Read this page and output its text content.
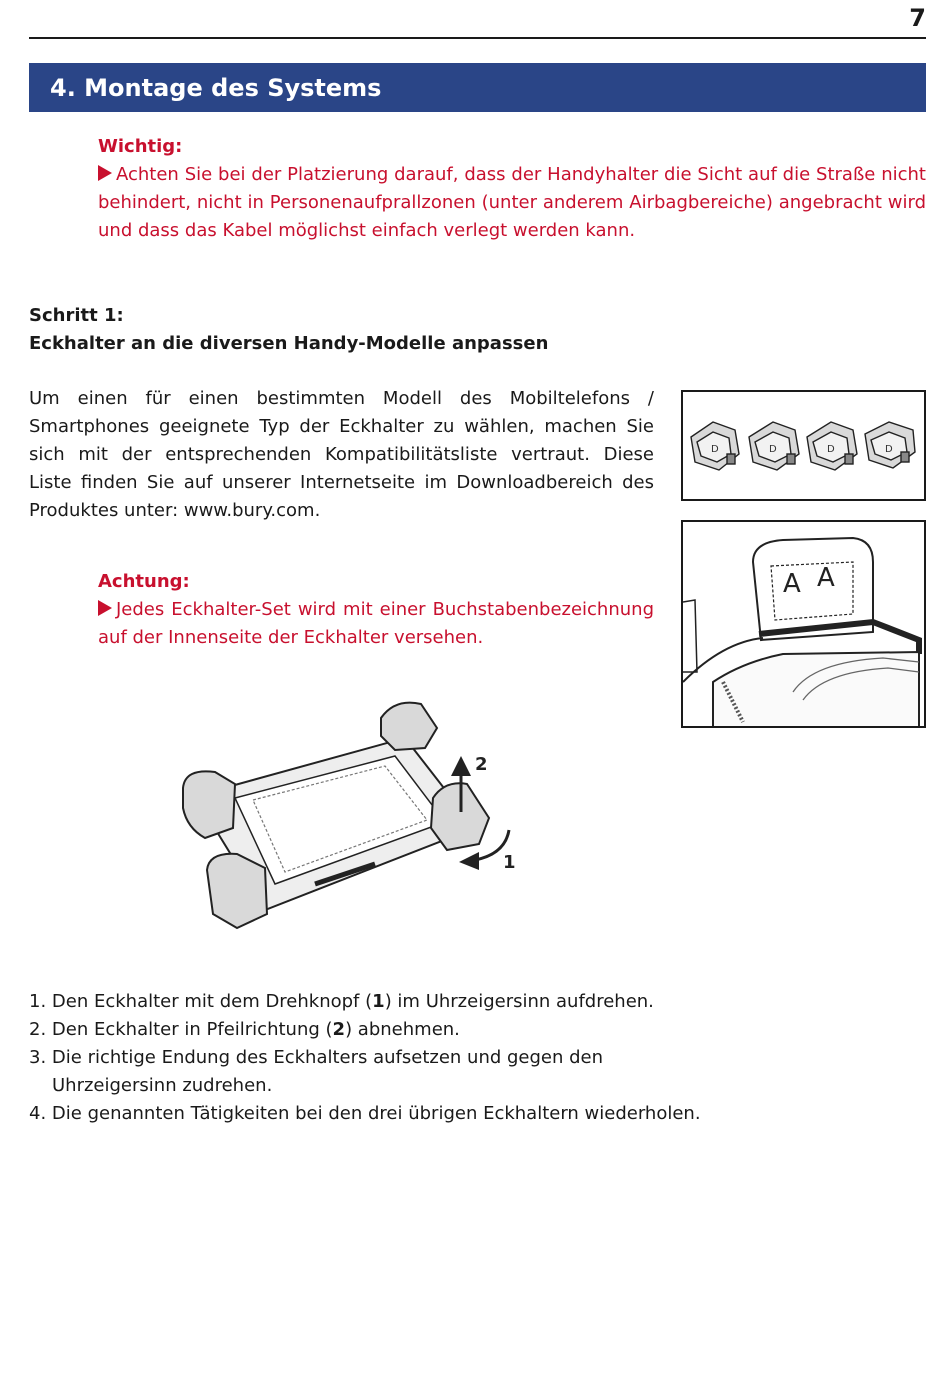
7
4. Montage des Systems
Wichtig:
Achten Sie bei der Platzierung darauf, dass der Handyhalter die Sicht auf die Straße nicht behindert, nicht in Personenaufprallzonen (unter anderem Airbagbereiche) angebracht wird und dass das Kabel möglichst einfach verlegt werden kann.
Schritt 1:
Eckhalter an die diversen Handy-Modelle anpassen
Um einen für einen bestimmten Modell des Mobiltelefons / Smartphones geeignete Typ der Eckhalter zu wählen, machen Sie sich mit der entsprechenden Kompatibilitätsliste vertraut. Diese Liste finden Sie auf unserer Internetseite im Downloadbereich des Produktes unter: www.bury.com.
Achtung:
Jedes Eckhalter-Set wird mit einer Buchstabenbezeichnung auf der Innenseite der Eckhalter versehen.
D	D	D	D
A A
2
1
1. Den Eckhalter mit dem Drehknopf (1) im Uhrzeigersinn aufdrehen.
2. Den Eckhalter in Pfeilrichtung (2) abnehmen.
3. Die richtige Endung des Eckhalters aufsetzen und gegen den Uhrzeigersinn zudrehen.
4. Die genannten Tätigkeiten bei den drei übrigen Eckhaltern wiederholen.
